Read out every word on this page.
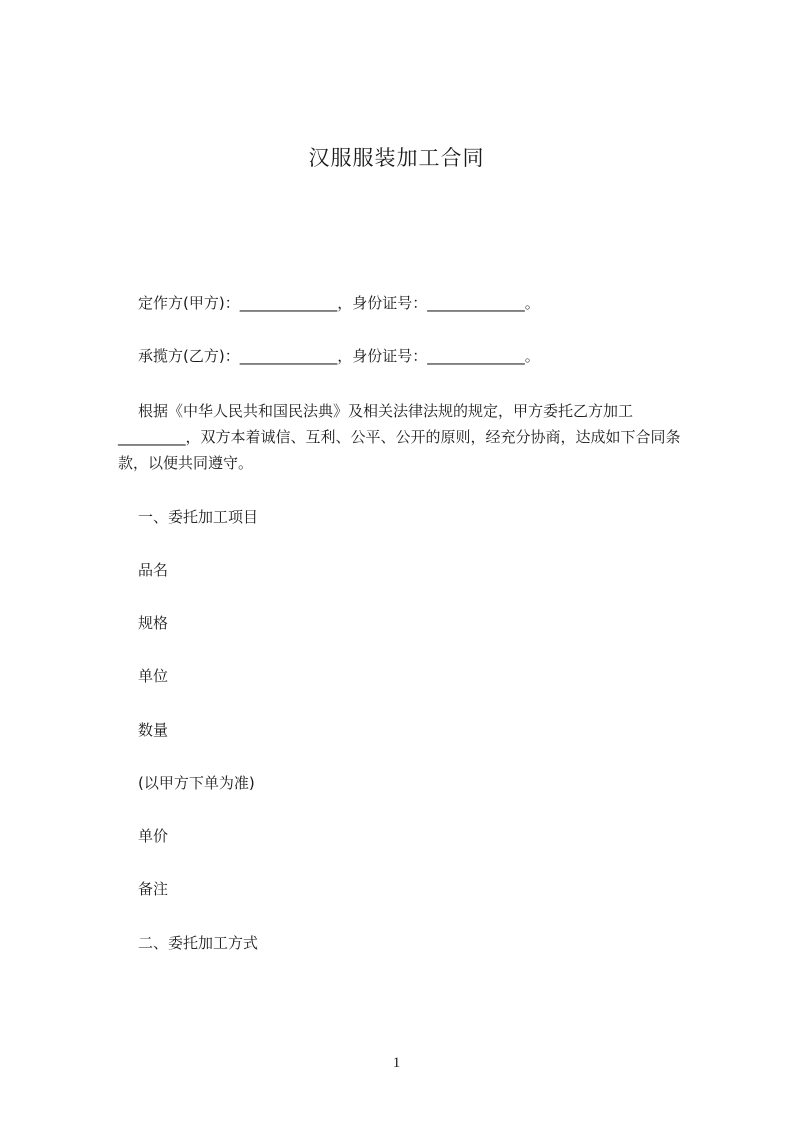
汉服服装加工合同
定作方(甲方)：_____________，身份证号：_____________。
承揽方(乙方)：_____________，身份证号：_____________。

根据《中华人民共和国民法典》及相关法律法规的规定，甲方委托乙方加工_________，双方本着诚信、互利、公平、公开的原则，经充分协商，达成如下合同条款，以便共同遵守。

一、委托加工项目
品名
规格
单位
数量
(以甲方下单为准)
单价
备注
二、委托加工方式
1
